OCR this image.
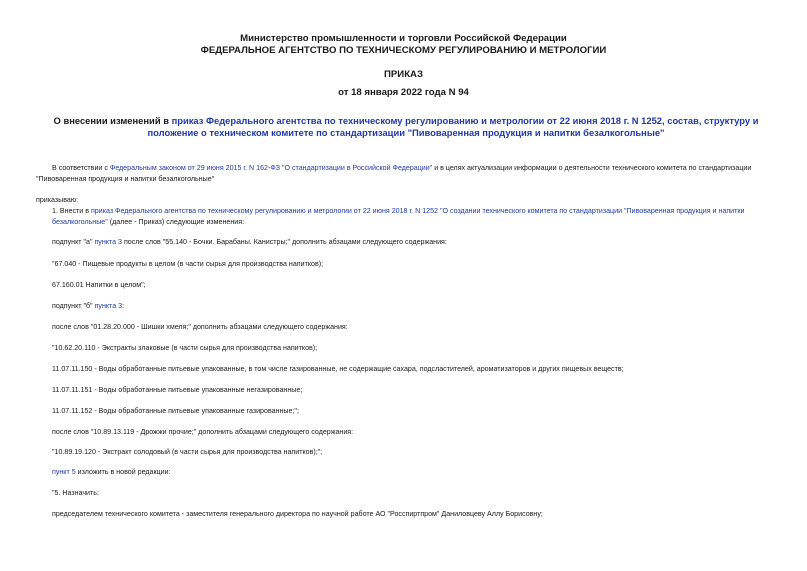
Министерство промышленности и торговли Российской Федерации
ФЕДЕРАЛЬНОЕ АГЕНТСТВО ПО ТЕХНИЧЕСКОМУ РЕГУЛИРОВАНИЮ И МЕТРОЛОГИИ
ПРИКАЗ
от 18 января 2022 года N 94
О внесении изменений в приказ Федерального агентства по техническому регулированию и метрологии от 22 июня 2018 г. N 1252, состав, структуру и положение о техническом комитете по стандартизации "Пивоваренная продукция и напитки безалкогольные"
В соответствии с Федеральным законом от 29 июня 2015 г. N 162-ФЗ "О стандартизации в Российской Федерации" и в целях актуализации информации о деятельности технического комитета по стандартизации
"Пивоваренная продукция и напитки безалкогольные"
приказываю:
1. Внести в приказ Федерального агентства по техническому регулированию и метрологии от 22 июня 2018 г. N 1252 "О создании технического комитета по стандартизации "Пивоваренная продукция и напитки безалкогольные" (далее - Приказ) следующие изменения:
подпункт "а" пункта 3 после слов "55.140 - Бочки. Барабаны. Канистры;" дополнить абзацами следующего содержания:
"67.040 - Пищевые продукты в целом (в части сырья для производства напитков);
67.160.01 Напитки в целом";
подпункт "б" пункта 3:
после слов "01.28.20.000 - Шишки хмеля;" дополнить абзацами следующего содержания:
"10.62.20.110 - Экстракты злаковые (в части сырья для производства напитков);
11.07.11.150 - Воды обработанные питьевые упакованные, в том числе газированные, не содержащие сахара, подсластителей, ароматизаторов и других пищевых веществ;
11.07.11.151 - Воды обработанные питьевые упакованные негазированные;
11.07.11.152 - Воды обработанные питьевые упакованные газированные;";
после слов "10.89.13.119 - Дрожжи прочие;" дополнить абзацами следующего содержания:
"10.89.19.120 - Экстракт солодовый (в части сырья для производства напитков);";
пункт 5 изложить в новой редакции:
"5. Назначить:
председателем технического комитета - заместителя генерального директора по научной работе АО "Росспиртпром" Даниловцеву Аллу Борисовну;
